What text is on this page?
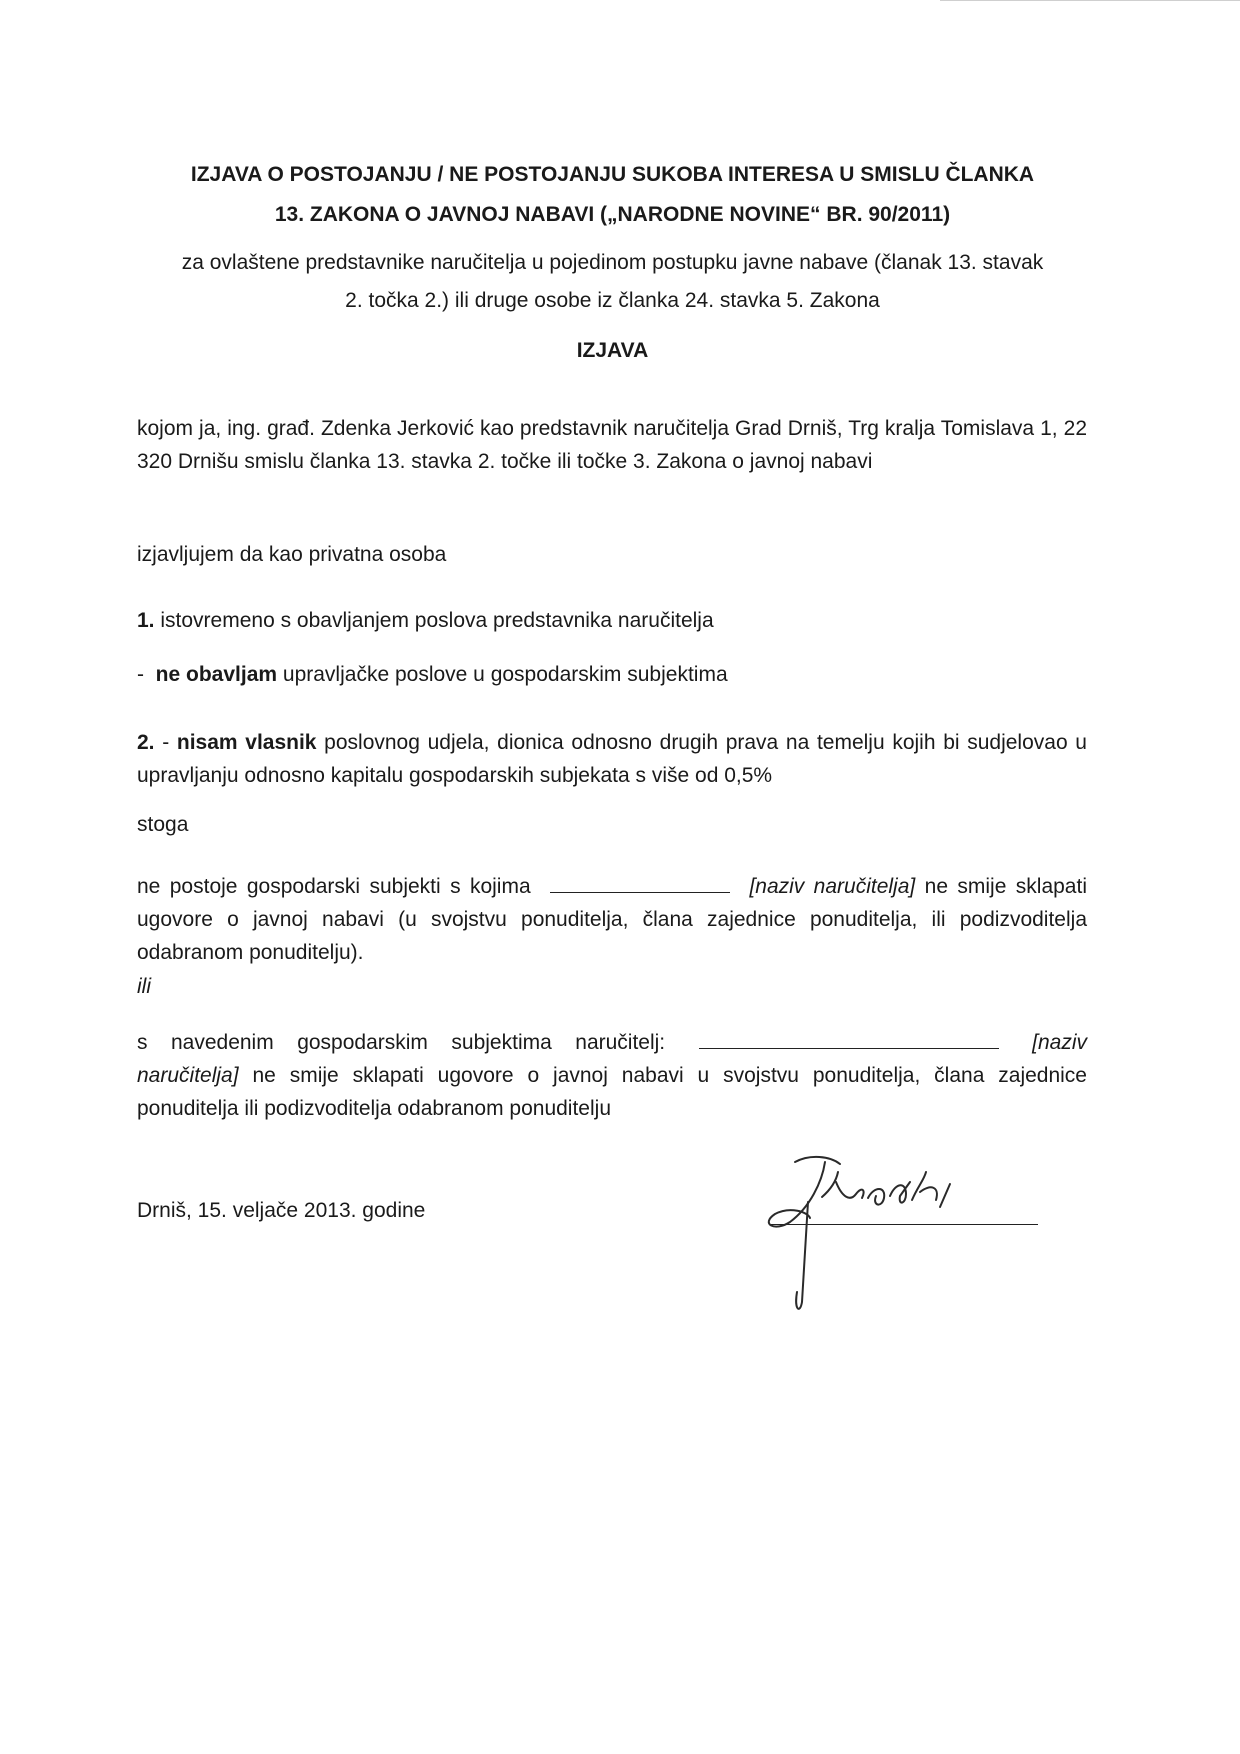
IZJAVA O POSTOJANJU / NE POSTOJANJU SUKOBA INTERESA U SMISLU ČLANKA
13. ZAKONA O JAVNOJ NABAVI („NARODNE NOVINE“ BR. 90/2011)
za ovlaštene predstavnike naručitelja u pojedinom postupku javne nabave (članak 13. stavak
2. točka 2.) ili druge osobe iz članka 24. stavka 5. Zakona
IZJAVA
kojom ja, ing. građ. Zdenka Jerković kao predstavnik naručitelja Grad Drniš, Trg kralja Tomislava 1, 22 320 Drnišu smislu članka 13. stavka 2. točke ili točke 3. Zakona o javnoj nabavi
izjavljujem da kao privatna osoba
1. istovremeno s obavljanjem poslova predstavnika naručitelja
- ne obavljam upravljačke poslove u gospodarskim subjektima
2. - nisam vlasnik poslovnog udjela, dionica odnosno drugih prava na temelju kojih bi sudjelovao u upravljanju odnosno kapitalu gospodarskih subjekata s više od 0,5%
stoga
ne postoje gospodarski subjekti s kojima	[naziv naručitelja] ne smije sklapati ugovore o javnoj nabavi (u svojstvu ponuditelja, člana zajednice ponuditelja, ili podizvoditelja odabranom ponuditelju).
ili
s navedenim gospodarskim subjektima naručitelj:	[naziv naručitelja] ne smije sklapati ugovore o javnoj nabavi u svojstvu ponuditelja, člana zajednice ponuditelja ili podizvoditelja odabranom ponuditelju
Drniš, 15. veljače 2013. godine
